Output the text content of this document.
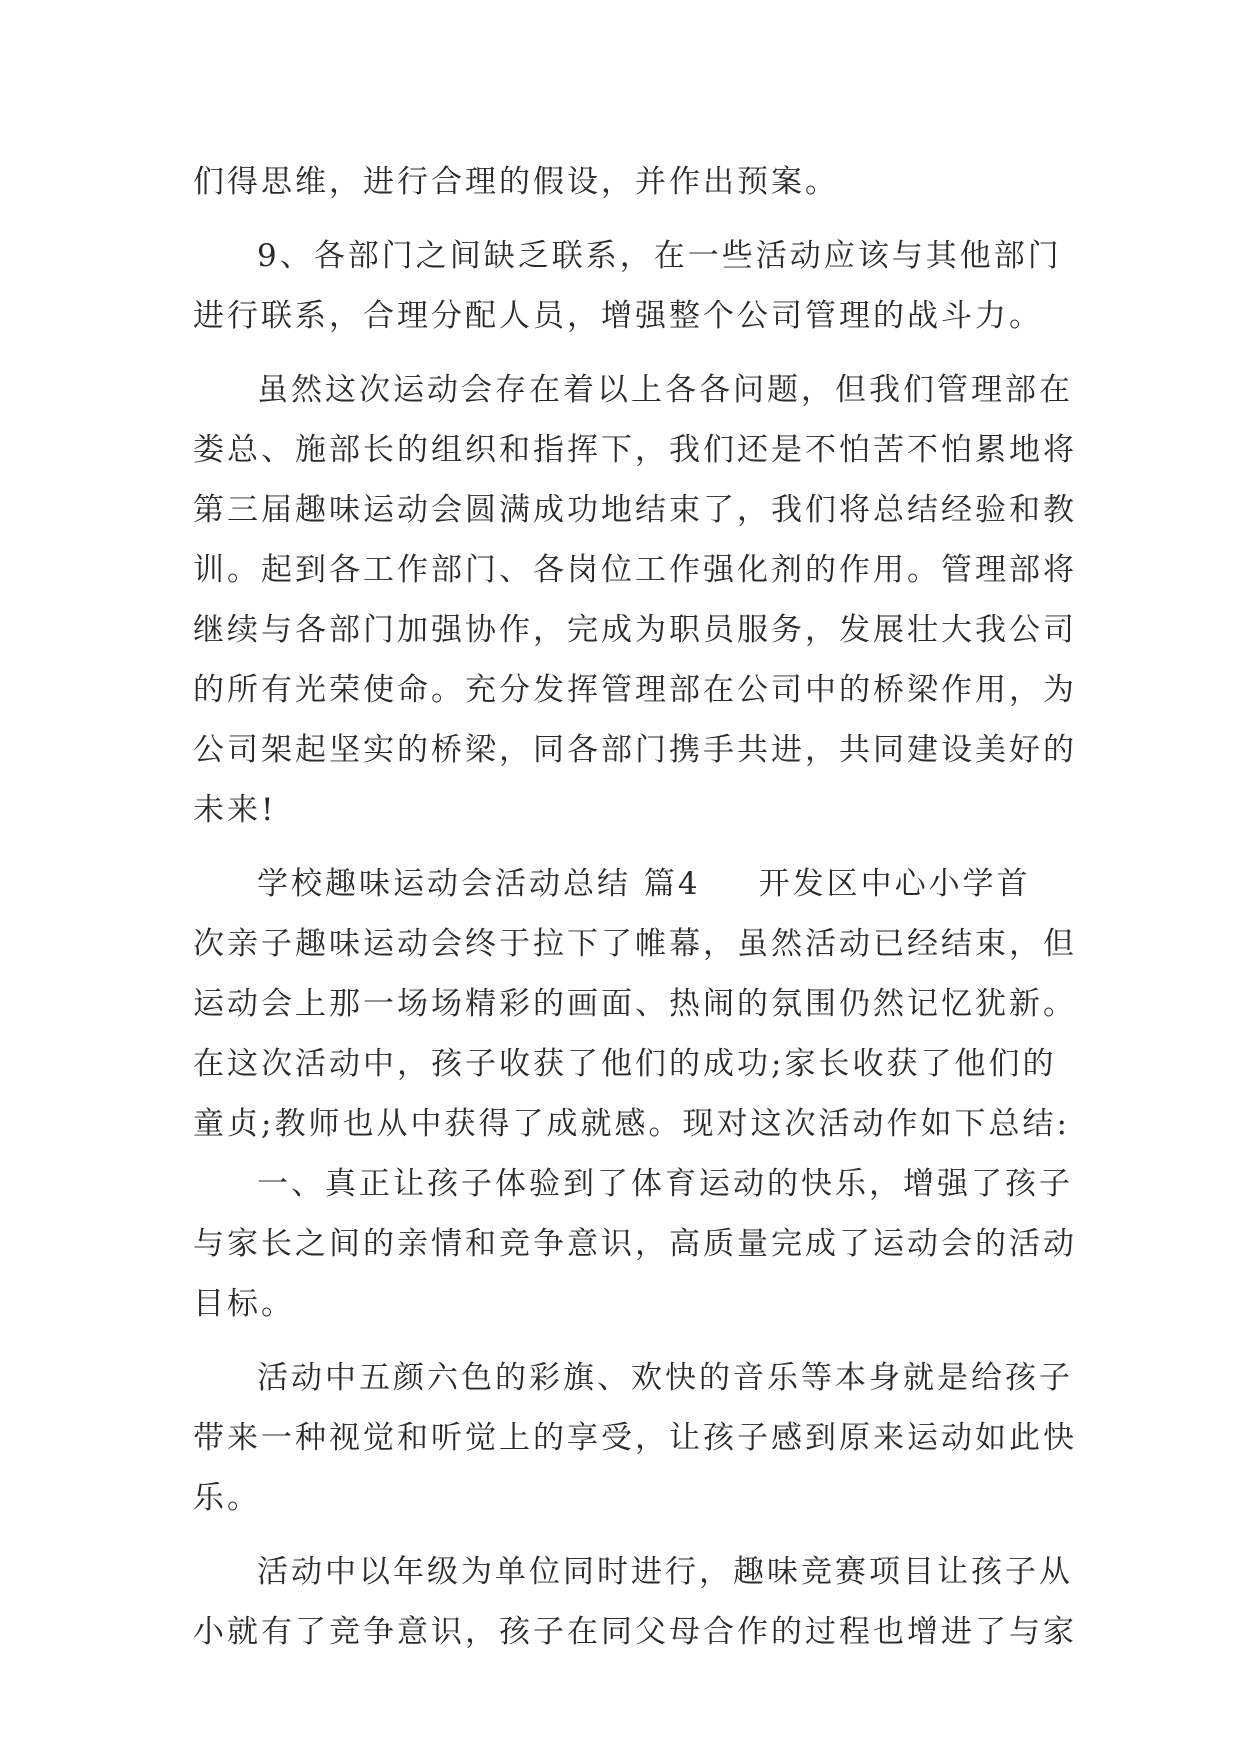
们得思维，进行合理的假设，并作出预案。
9、各部门之间缺乏联系，在一些活动应该与其他部门
进行联系，合理分配人员，增强整个公司管理的战斗力。
虽然这次运动会存在着以上各各问题，但我们管理部在
娄总、施部长的组织和指挥下，我们还是不怕苦不怕累地将
第三届趣味运动会圆满成功地结束了，我们将总结经验和教
训。起到各工作部门、各岗位工作强化剂的作用。管理部将
继续与各部门加强协作，完成为职员服务，发展壮大我公司
的所有光荣使命。充分发挥管理部在公司中的桥梁作用，为
公司架起坚实的桥梁，同各部门携手共进，共同建设美好的
未来!
学校趣味运动会活动总结 篇4 开发区中心小学首
次亲子趣味运动会终于拉下了帷幕，虽然活动已经结束，但
运动会上那一场场精彩的画面、热闹的氛围仍然记忆犹新。
在这次活动中，孩子收获了他们的成功;家长收获了他们的
童贞;教师也从中获得了成就感。现对这次活动作如下总结:
一、真正让孩子体验到了体育运动的快乐，增强了孩子
与家长之间的亲情和竞争意识，高质量完成了运动会的活动
目标。
活动中五颜六色的彩旗、欢快的音乐等本身就是给孩子
带来一种视觉和听觉上的享受，让孩子感到原来运动如此快
乐。
活动中以年级为单位同时进行，趣味竞赛项目让孩子从
小就有了竞争意识，孩子在同父母合作的过程也增进了与家
